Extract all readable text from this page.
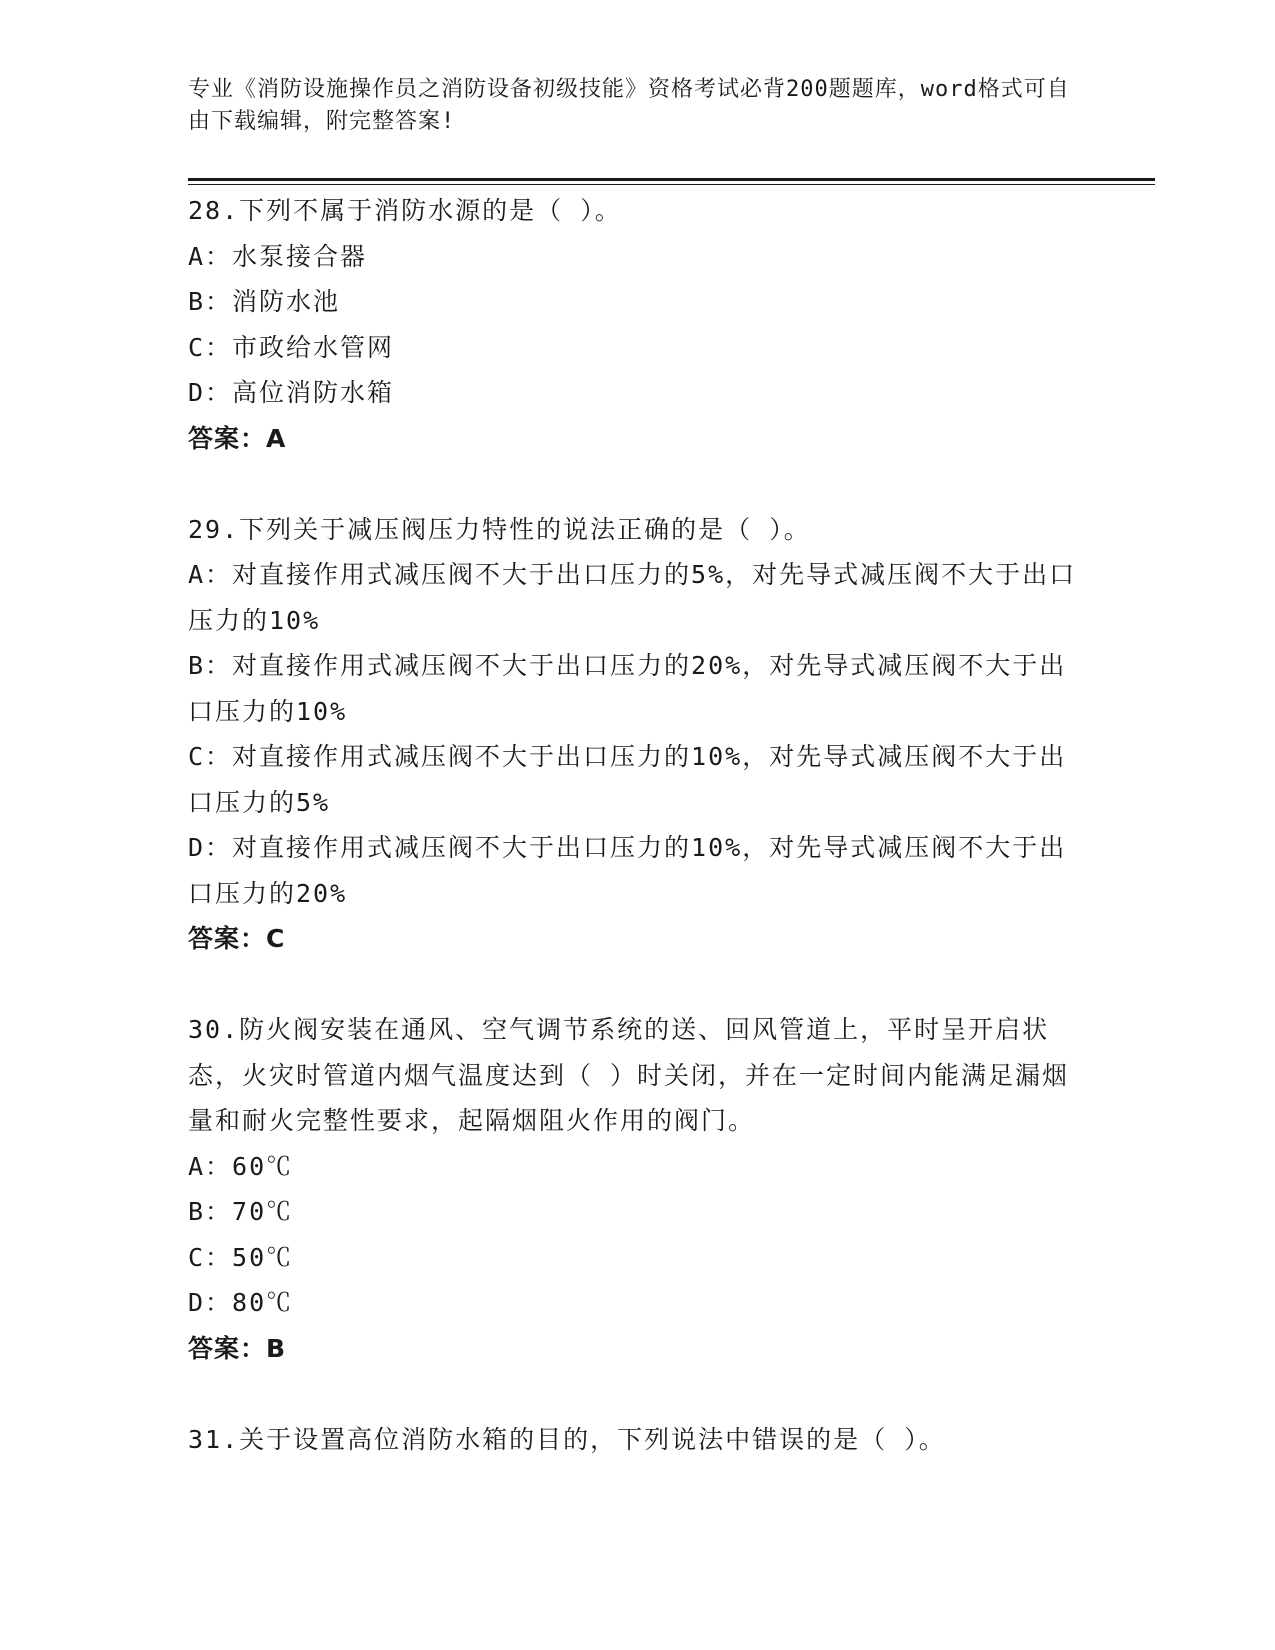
专业《消防设施操作员之消防设备初级技能》资格考试必背200题题库，word格式可自由下载编辑，附完整答案!
28.下列不属于消防水源的是（ ）。
A：水泵接合器
B：消防水池
C：市政给水管网
D：高位消防水箱
答案：A
29.下列关于减压阀压力特性的说法正确的是（ ）。
A：对直接作用式减压阀不大于出口压力的5%，对先导式减压阀不大于出口压力的10%
B：对直接作用式减压阀不大于出口压力的20%，对先导式减压阀不大于出口压力的10%
C：对直接作用式减压阀不大于出口压力的10%，对先导式减压阀不大于出口压力的5%
D：对直接作用式减压阀不大于出口压力的10%，对先导式减压阀不大于出口压力的20%
答案：C
30.防火阀安装在通风、空气调节系统的送、回风管道上，平时呈开启状态，火灾时管道内烟气温度达到（ ）时关闭，并在一定时间内能满足漏烟量和耐火完整性要求，起隔烟阻火作用的阀门。
A：60℃
B：70℃
C：50℃
D：80℃
答案：B
31.关于设置高位消防水箱的目的，下列说法中错误的是（ ）。
